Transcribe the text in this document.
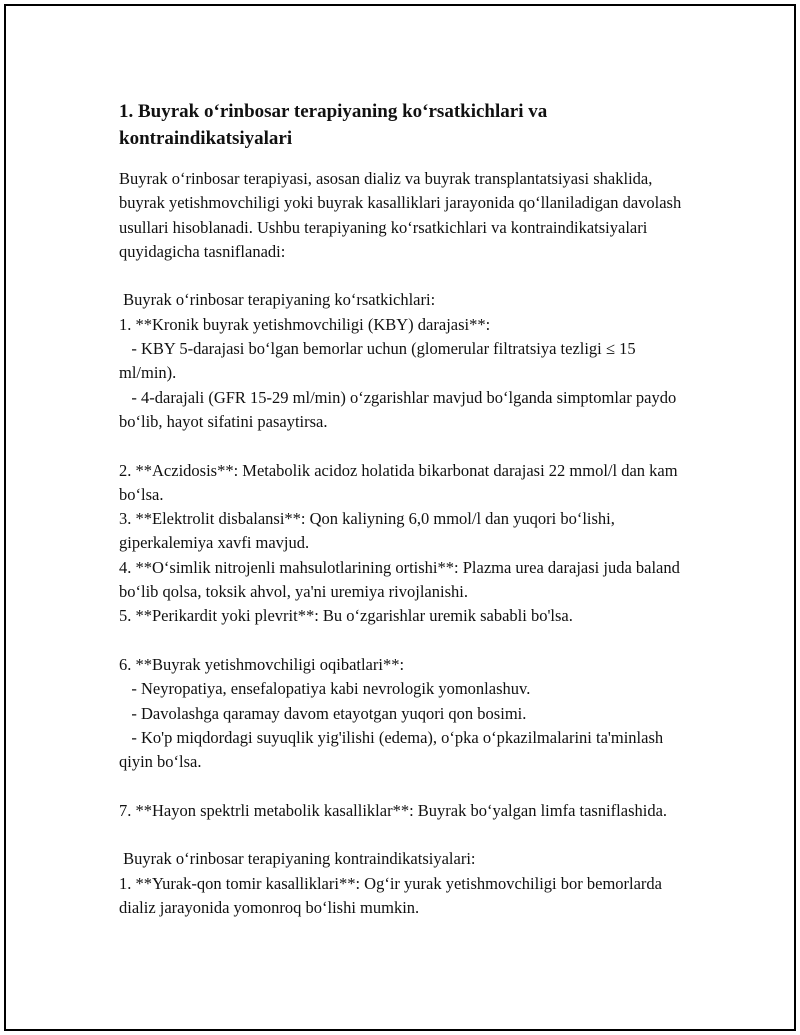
1. Buyrak oʻrinbosar terapiyaning koʻrsatkichlari va kontraindikatsiyalari

Buyrak oʻrinbosar terapiyasi, asosan dializ va buyrak transplantatsiyasi shaklida, buyrak yetishmovchiligi yoki buyrak kasalliklari jarayonida qoʻllaniladigan davolash usullari hisoblanadi. Ushbu terapiyaning koʻrsatkichlari va kontraindikatsiyalari quyidagicha tasniflanadi:

Buyrak oʻrinbosar terapiyaning koʻrsatkichlari:

1. **Kronik buyrak yetishmovchiligi (KBY) darajasi**:
- KBY 5-darajasi boʻlgan bemorlar uchun (glomerular filtratsiya tezligi ≤ 15 ml/min).
- 4-darajali (GFR 15-29 ml/min) oʻzgarishlar mavjud boʻlganda simptomlar paydo boʻlib, hayot sifatini pasaytirsa.

2. **Aczidosis**: Metabolik acidoz holatida bikarbonat darajasi 22 mmol/l dan kam boʻlsa.
3. **Elektrolit disbalansi**: Qon kaliyning 6,0 mmol/l dan yuqori boʻlishi, giperkalemiya xavfi mavjud.
4. **Oʻsimlik nitrojenli mahsulotlarining ortishi**: Plazma urea darajasi juda baland boʻlib qolsa, toksik ahvol, ya'ni uremiya rivojlanishi.
5. **Perikardit yoki plevrit**: Bu oʻzgarishlar uremik sababli bo'lsa.

6. **Buyrak yetishmovchiligi oqibatlari**:
- Neyropatiya, ensefalopatiya kabi nevrologik yomonlashuv.
- Davolashga qaramay davom etayotgan yuqori qon bosimi.
- Ko'p miqdordagi suyuqlik yig'ilishi (edema), oʻpka oʻpkazilmalarini ta'minlash qiyin boʻlsa.

7. **Hayon spektrli metabolik kasalliklar**: Buyrak boʻyalgan limfa tasniflashida.

Buyrak oʻrinbosar terapiyaning kontraindikatsiyalari:

1. **Yurak-qon tomir kasalliklari**: Ogʻir yurak yetishmovchiligi bor bemorlarda dializ jarayonida yomonroq boʻlishi mumkin.
